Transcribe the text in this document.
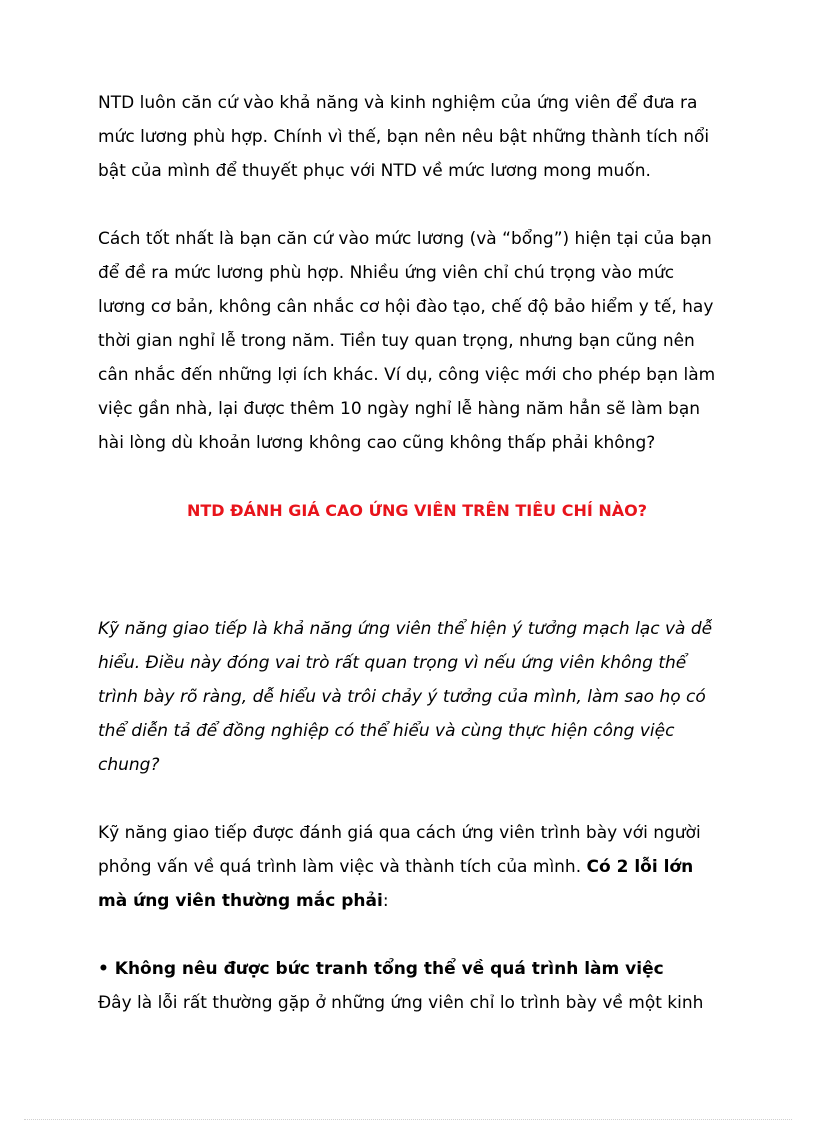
NTD luôn căn cứ vào khả năng và kinh nghiệm của ứng viên để đưa ra mức lương phù hợp. Chính vì thế, bạn nên nêu bật những thành tích nổi bật của mình để thuyết phục với NTD về mức lương mong muốn.

Cách tốt nhất là bạn căn cứ vào mức lương (và “bổng”) hiện tại của bạn để đề ra mức lương phù hợp. Nhiều ứng viên chỉ chú trọng vào mức lương cơ bản, không cân nhắc cơ hội đào tạo, chế độ bảo hiểm y tế, hay thời gian nghỉ lễ trong năm. Tiền tuy quan trọng, nhưng bạn cũng nên cân nhắc đến những lợi ích khác. Ví dụ, công việc mới cho phép bạn làm việc gần nhà, lại được thêm 10 ngày nghỉ lễ hàng năm hẳn sẽ làm bạn hài lòng dù khoản lương không cao cũng không thấp phải không?

NTD ĐÁNH GIÁ CAO ỨNG VIÊN TRÊN TIÊU CHÍ NÀO?

Kỹ năng giao tiếp là khả năng ứng viên thể hiện ý tưởng mạch lạc và dễ hiểu. Điều này đóng vai trò rất quan trọng vì nếu ứng viên không thể trình bày rõ ràng, dễ hiểu và trôi chảy ý tưởng của mình, làm sao họ có thể diễn tả để đồng nghiệp có thể hiểu và cùng thực hiện công việc chung?

Kỹ năng giao tiếp được đánh giá qua cách ứng viên trình bày với người phỏng vấn về quá trình làm việc và thành tích của mình. Có 2 lỗi lớn mà ứng viên thường mắc phải:

• Không nêu được bức tranh tổng thể về quá trình làm việc

Đây là lỗi rất thường gặp ở những ứng viên chỉ lo trình bày về một kinh
